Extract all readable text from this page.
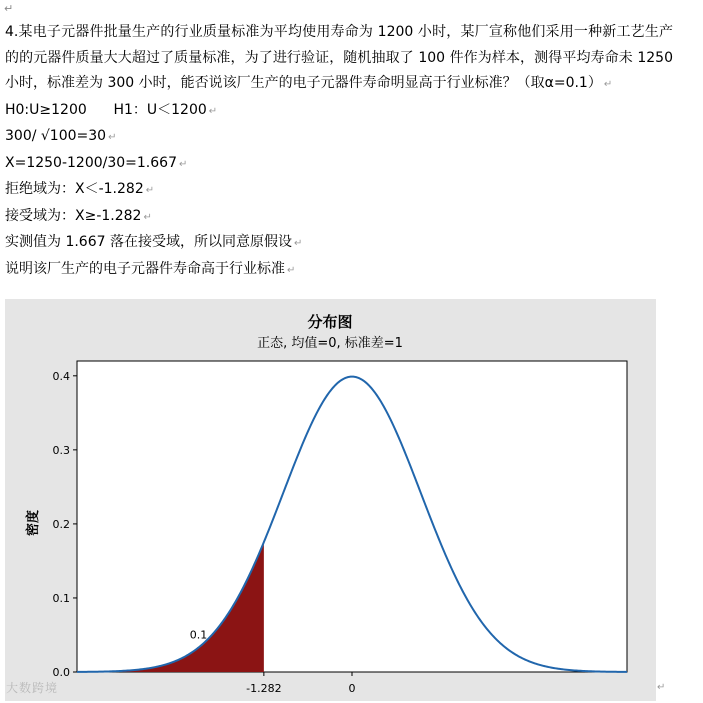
↵

4.某电子元器件批量生产的行业质量标准为平均使用寿命为 1200 小时，某厂宣称他们采用一种新工艺生产的的元器件质量大大超过了质量标准，为了进行验证，随机抽取了 100 件作为样本，测得平均寿命未 1250 小时，标准差为 300 小时，能否说该厂生产的电子元器件寿命明显高于行业标准？（取α=0.1） ↵

H0:U≥1200      H1：U＜1200 ↵

300/ √100=30 ↵

X=1250-1200/30=1.667 ↵

拒绝域为：X＜-1.282 ↵

接受域为：X≥-1.282 ↵

实测值为 1.667 落在接受域，所以同意原假设 ↵

说明该厂生产的电子元器件寿命高于行业标准 ↵

分布图
正态, 均值=0, 标准差=1
0.1
0.0
0.1
0.2
0.3
0.4
-1.282	0
密度
大数跨境	↵
